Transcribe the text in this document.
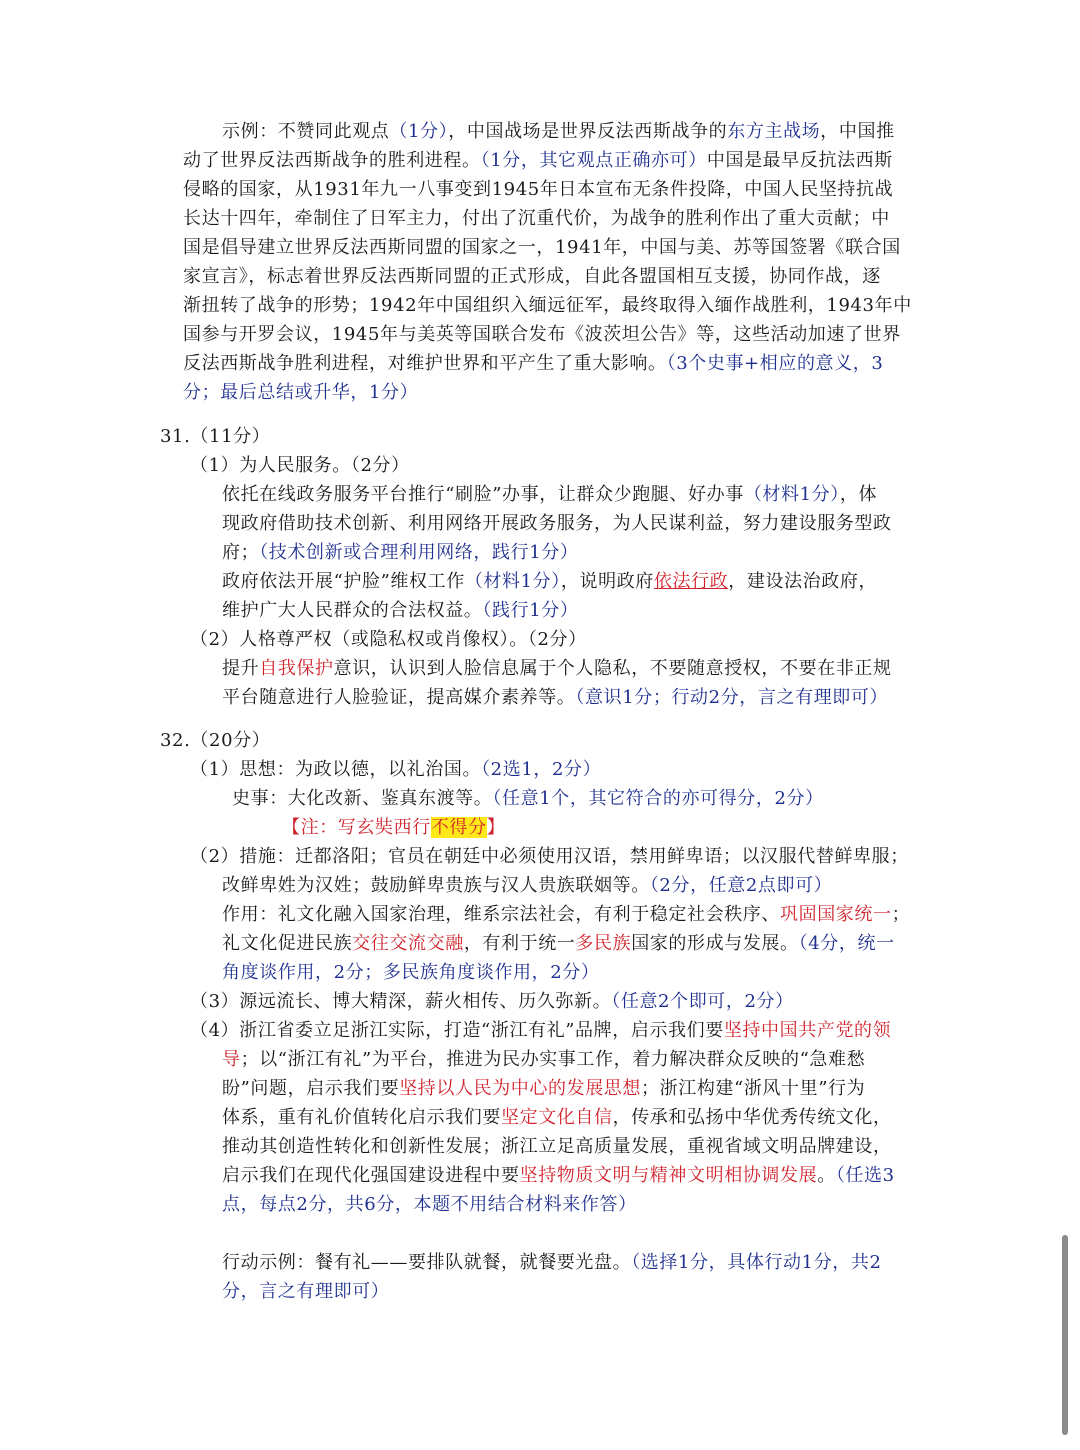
示例：不赞同此观点（1分），中国战场是世界反法西斯战争的东方主战场，中国推
动了世界反法西斯战争的胜利进程。（1分，其它观点正确亦可）中国是最早反抗法西斯
侵略的国家，从1931年九一八事变到1945年日本宣布无条件投降，中国人民坚持抗战
长达十四年，牵制住了日军主力，付出了沉重代价，为战争的胜利作出了重大贡献；中
国是倡导建立世界反法西斯同盟的国家之一，1941年，中国与美、苏等国签署《联合国
家宣言》，标志着世界反法西斯同盟的正式形成，自此各盟国相互支援，协同作战，逐
渐扭转了战争的形势；1942年中国组织入缅远征军，最终取得入缅作战胜利，1943年中
国参与开罗会议，1945年与美英等国联合发布《波茨坦公告》等，这些活动加速了世界
反法西斯战争胜利进程，对维护世界和平产生了重大影响。（3个史事+相应的意义，3
分；最后总结或升华，1分）
31.（11分）
（1）为人民服务。（2分）
依托在线政务服务平台推行“刷脸”办事，让群众少跑腿、好办事（材料1分），体
现政府借助技术创新、利用网络开展政务服务，为人民谋利益，努力建设服务型政
府；（技术创新或合理利用网络，践行1分）
政府依法开展“护脸”维权工作（材料1分），说明政府依法行政，建设法治政府，
维护广大人民群众的合法权益。（践行1分）
（2）人格尊严权（或隐私权或肖像权）。（2分）
提升自我保护意识，认识到人脸信息属于个人隐私，不要随意授权，不要在非正规
平台随意进行人脸验证，提高媒介素养等。（意识1分；行动2分，言之有理即可）
32.（20分）
（1）思想：为政以德，以礼治国。（2选1，2分）
史事：大化改新、鉴真东渡等。（任意1个，其它符合的亦可得分，2分）
【注：写玄奘西行不得分】
（2）措施：迁都洛阳；官员在朝廷中必须使用汉语，禁用鲜卑语；以汉服代替鲜卑服；
改鲜卑姓为汉姓；鼓励鲜卑贵族与汉人贵族联姻等。（2分，任意2点即可）
作用：礼文化融入国家治理，维系宗法社会，有利于稳定社会秩序、巩固国家统一；
礼文化促进民族交往交流交融，有利于统一多民族国家的形成与发展。（4分，统一
角度谈作用，2分；多民族角度谈作用，2分）
（3）源远流长、博大精深，薪火相传、历久弥新。（任意2个即可，2分）
（4）浙江省委立足浙江实际，打造“浙江有礼”品牌，启示我们要坚持中国共产党的领
导；以“浙江有礼”为平台，推进为民办实事工作，着力解决群众反映的“急难愁
盼”问题，启示我们要坚持以人民为中心的发展思想；浙江构建“浙风十里”行为
体系，重有礼价值转化启示我们要坚定文化自信，传承和弘扬中华优秀传统文化，
推动其创造性转化和创新性发展；浙江立足高质量发展，重视省域文明品牌建设，
启示我们在现代化强国建设进程中要坚持物质文明与精神文明相协调发展。（任选3
点，每点2分，共6分，本题不用结合材料来作答）
行动示例：餐有礼——要排队就餐，就餐要光盘。（选择1分，具体行动1分，共2
分，言之有理即可）
